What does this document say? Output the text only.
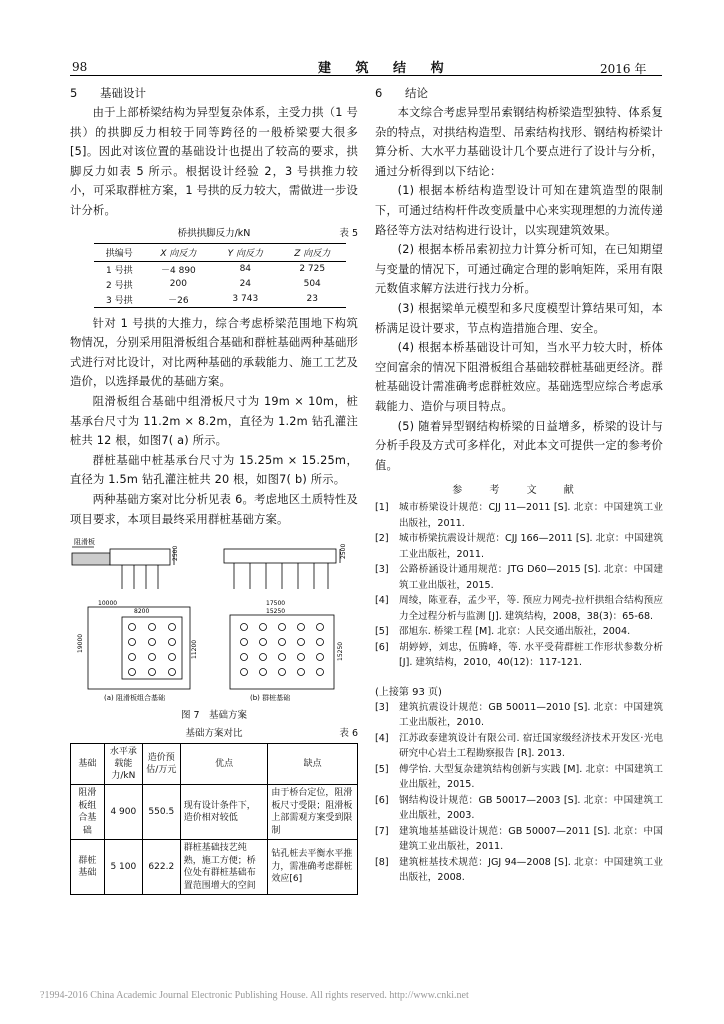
98	建 筑 结 构	2016 年
5 基础设计

由于上部桥梁结构为异型复杂体系，主受力拱（1 号拱）的拱脚反力相较于同等跨径的一般桥梁要大很多[5]。因此对该位置的基础设计也提出了较高的要求，拱脚反力如表 5 所示。根据设计经验 2，3 号拱推力较小，可采取群桩方案，1 号拱的反力较大，需做进一步设计分析。

桥拱拱脚反力/kN	表 5
拱编号	X 向反力	Y 向反力	Z 向反力
1 号拱	－4 890	84	2 725
2 号拱	200	24	504
3 号拱	－26	3 743	23

针对 1 号拱的大推力，综合考虑桥梁范围地下构筑物情况，分别采用阻滑板组合基础和群桩基础两种基础形式进行对比设计，对比两种基础的承载能力、施工工艺及造价，以选择最优的基础方案。

阻滑板组合基础中组滑板尺寸为 19m × 10m，桩基承台尺寸为 11.2m × 8.2m，直径为 1.2m 钻孔灌注桩共 12 根，如图7( a) 所示。

群桩基础中桩基承台尺寸为 15.25m × 15.25m，直径为 1.5m 钻孔灌注桩共 20 根，如图7( b) 所示。

两种基础方案对比分析见表 6。考虑地区土质特性及项目要求，本项目最终采用群桩基础方案。

阻滑板
2500	2500
10000
8200
19000	11200
17500
15250
15250
(a) 阻滑板组合基础	(b) 群桩基础
图 7　基础方案
基础方案对比	表 6
基础	水平承载能力/kN	造价预估/万元	优点	缺点
阻滑板组合基础	4 900	550.5	现有设计条件下，造价相对较低	由于桥台定位，阻滑板尺寸受限；阻滑板上部需观方案受到限制
群桩基础	5 100	622.2	群桩基础技艺纯熟，施工方便；桥位处有群桩基础布置范围增大的空间	钻孔桩去平衡水平推力，需准确考虑群桩效应[6]
6 结论

本文综合考虑异型吊索钢结构桥梁造型独特、体系复杂的特点，对拱结构造型、吊索结构找形、钢结构桥梁计算分析、大水平力基础设计几个要点进行了设计与分析，通过分析得到以下结论：

(1) 根据本桥结构造型设计可知在建筑造型的限制下，可通过结构杆件改变质量中心来实现理想的力流传递路径等方法对结构进行设计，以实现建筑效果。

(2) 根据本桥吊索初拉力计算分析可知，在已知期望与变量的情况下，可通过确定合理的影响矩阵，采用有限元数值求解方法进行找力分析。

(3) 根据梁单元模型和多尺度模型计算结果可知，本桥满足设计要求，节点构造措施合理、安全。

(4) 根据本桥基础设计可知，当水平力较大时，桥体空间富余的情况下阻滑板组合基础较群桩基础更经济。群桩基础设计需准确考虑群桩效应。基础选型应综合考虑承载能力、造价与项目特点。

(5) 随着异型钢结构桥梁的日益增多，桥梁的设计与分析手段及方式可多样化，对此本文可提供一定的参考价值。

参 考 文 献
[1]	城市桥梁设计规范：CJJ 11—2011 [S]. 北京：中国建筑工业出版社，2011.
[2]	城市桥梁抗震设计规范：CJJ 166—2011 [S]. 北京：中国建筑工业出版社，2011.
[3]	公路桥涵设计通用规范：JTG D60—2015 [S]. 北京：中国建筑工业出版社，2015.
[4]	周绫，陈亚春，孟少平，等. 预应力网壳-拉杆拱组合结构预应力全过程分析与监测 [J]. 建筑结构，2008，38(3)：65-68.
[5]	邵旭东. 桥梁工程 [M]. 北京：人民交通出版社，2004.
[6]	胡婷婷，刘忠，伍腾峰，等. 水平受荷群桩工作形状参数分析 [J]. 建筑结构，2010，40(12)：117-121.
(上接第 93 页)
[3]	建筑抗震设计规范：GB 50011—2010 [S]. 北京：中国建筑工业出版社，2010.
[4]	江苏政泰建筑设计有限公司. 宿迁国家级经济技术开发区·光电研究中心岩土工程勘察报告 [R]. 2013.
[5]	傅学怡. 大型复杂建筑结构创新与实践 [M]. 北京：中国建筑工业出版社，2015.
[6]	钢结构设计规范：GB 50017—2003 [S]. 北京：中国建筑工业出版社，2003.
[7]	建筑地基基础设计规范：GB 50007—2011 [S]. 北京：中国建筑工业出版社，2011.
[8]	建筑桩基技术规范：JGJ 94—2008 [S]. 北京：中国建筑工业出版社，2008.
?1994-2016 China Academic Journal Electronic Publishing House. All rights reserved. http://www.cnki.net
